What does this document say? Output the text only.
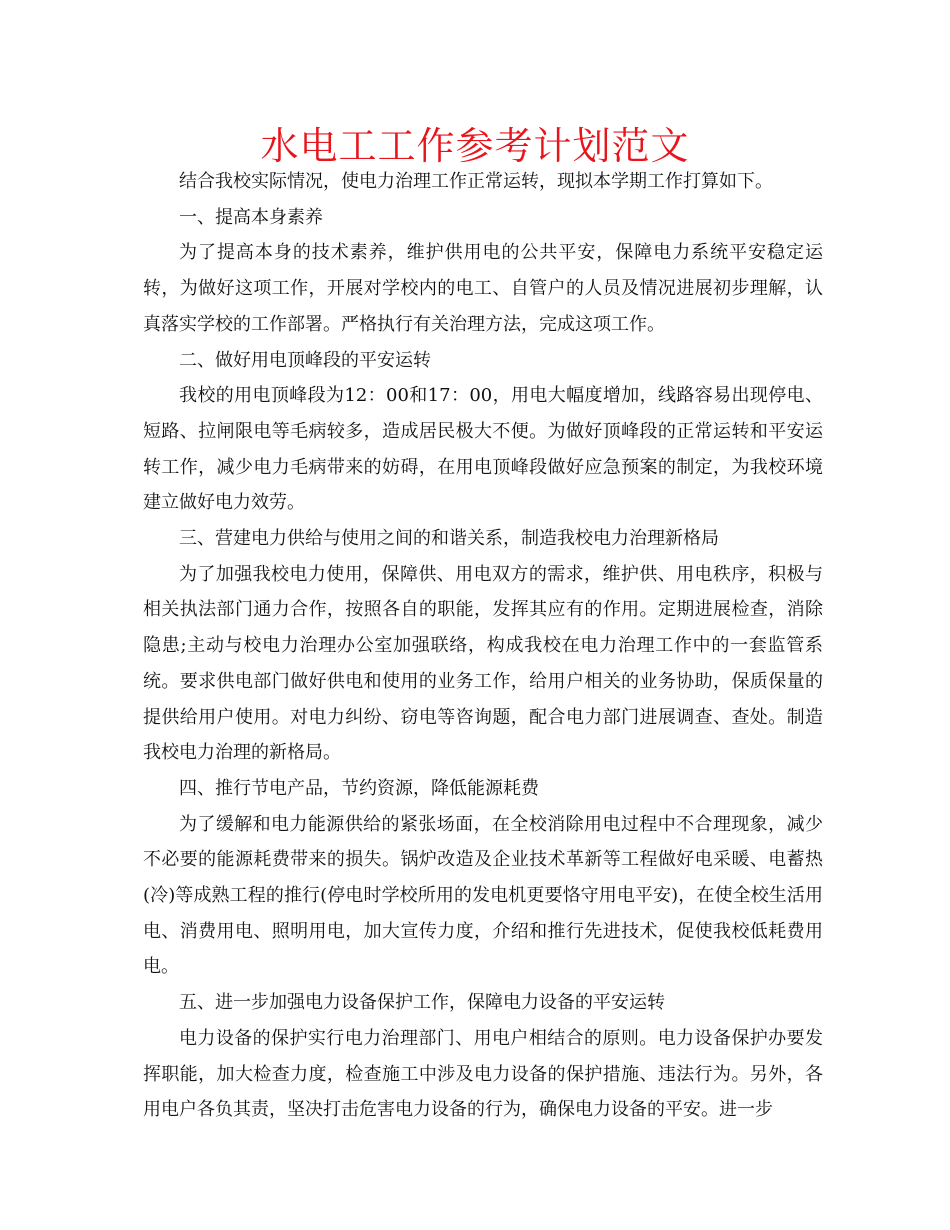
水电工工作参考计划范文

结合我校实际情况，使电力治理工作正常运转，现拟本学期工作打算如下。

一、提高本身素养

为了提高本身的技术素养，维护供用电的公共平安，保障电力系统平安稳定运转，为做好这项工作，开展对学校内的电工、自管户的人员及情况进展初步理解，认真落实学校的工作部署。严格执行有关治理方法，完成这项工作。

二、做好用电顶峰段的平安运转

我校的用电顶峰段为12：00和17：00，用电大幅度增加，线路容易出现停电、短路、拉闸限电等毛病较多，造成居民极大不便。为做好顶峰段的正常运转和平安运转工作，减少电力毛病带来的妨碍，在用电顶峰段做好应急预案的制定，为我校环境建立做好电力效劳。

三、营建电力供给与使用之间的和谐关系，制造我校电力治理新格局

为了加强我校电力使用，保障供、用电双方的需求，维护供、用电秩序，积极与相关执法部门通力合作，按照各自的职能，发挥其应有的作用。定期进展检查，消除隐患;主动与校电力治理办公室加强联络，构成我校在电力治理工作中的一套监管系统。要求供电部门做好供电和使用的业务工作，给用户相关的业务协助，保质保量的提供给用户使用。对电力纠纷、窃电等咨询题，配合电力部门进展调查、查处。制造我校电力治理的新格局。

四、推行节电产品，节约资源，降低能源耗费

为了缓解和电力能源供给的紧张场面，在全校消除用电过程中不合理现象，减少不必要的能源耗费带来的损失。锅炉改造及企业技术革新等工程做好电采暖、电蓄热(冷)等成熟工程的推行(停电时学校所用的发电机更要恪守用电平安)，在使全校生活用电、消费用电、照明用电，加大宣传力度，介绍和推行先进技术，促使我校低耗费用电。

五、进一步加强电力设备保护工作，保障电力设备的平安运转

电力设备的保护实行电力治理部门、用电户相结合的原则。电力设备保护办要发挥职能，加大检查力度，检查施工中涉及电力设备的保护措施、违法行为。另外，各用电户各负其责，坚决打击危害电力设备的行为，确保电力设备的平安。进一步
